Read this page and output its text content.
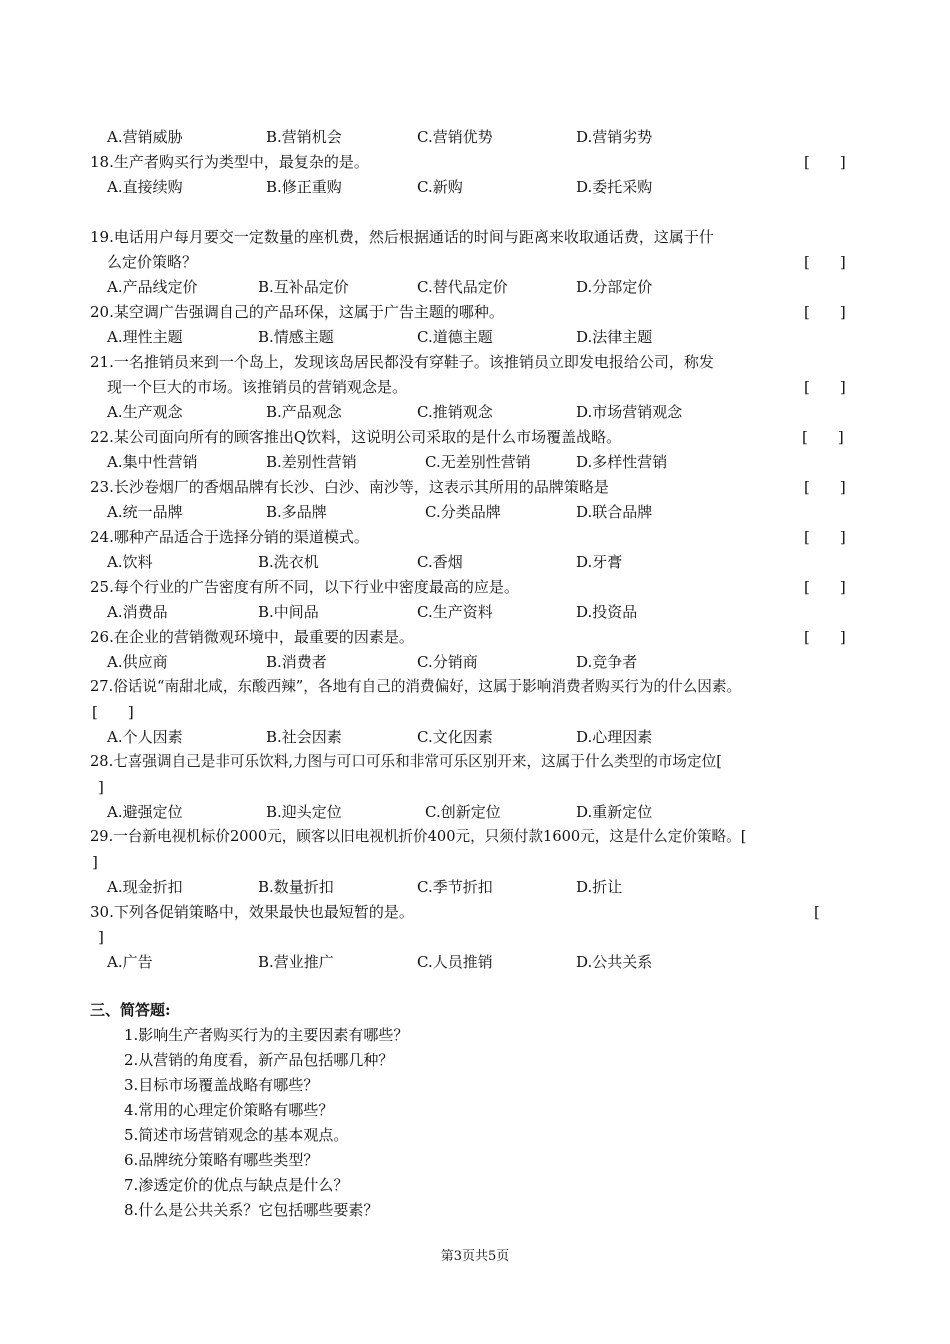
A.营销威胁	B.营销机会	C.营销优势	D.营销劣势
18.生产者购买行为类型中，最复杂的是。	[　　]
A.直接续购	B.修正重购	C.新购	D.委托采购
19.电话用户每月要交一定数量的座机费，然后根据通话的时间与距离来收取通话费，这属于什
么定价策略？	[　　]
A.产品线定价	B.互补品定价	C.替代品定价	D.分部定价
20.某空调广告强调自己的产品环保，这属于广告主题的哪种。	[　　]
A.理性主题	B.情感主题	C.道德主题	D.法律主题
21.一名推销员来到一个岛上，发现该岛居民都没有穿鞋子。该推销员立即发电报给公司，称发
现一个巨大的市场。该推销员的营销观念是。	[　　]
A.生产观念	B.产品观念	C.推销观念	D.市场营销观念
22.某公司面向所有的顾客推出Q饮料，这说明公司采取的是什么市场覆盖战略。	[　　]
A.集中性营销	B.差别性营销	C.无差别性营销	D.多样性营销
23.长沙卷烟厂的香烟品牌有长沙、白沙、南沙等，这表示其所用的品牌策略是	[　　]
A.统一品牌	B.多品牌	C.分类品牌	D.联合品牌
24.哪种产品适合于选择分销的渠道模式。	[　　]
A.饮料	B.洗衣机	C.香烟	D.牙膏
25.每个行业的广告密度有所不同，以下行业中密度最高的应是。	[　　]
A.消费品	B.中间品	C.生产资料	D.投资品
26.在企业的营销微观环境中，最重要的因素是。	[　　]
A.供应商	B.消费者	C.分销商	D.竞争者
27.俗话说“南甜北咸，东酸西辣”，各地有自己的消费偏好，这属于影响消费者购买行为的什么因素。
[　　]
A.个人因素	B.社会因素	C.文化因素	D.心理因素
28.七喜强调自己是非可乐饮料,力图与可口可乐和非常可乐区别开来，这属于什么类型的市场定位[
]
A.避强定位	B.迎头定位	C.创新定位	D.重新定位
29.一台新电视机标价2000元，顾客以旧电视机折价400元，只须付款1600元，这是什么定价策略。[
]
A.现金折扣	B.数量折扣	C.季节折扣	D.折让
30.下列各促销策略中，效果最快也最短暂的是。	[
]
A.广告	B.营业推广	C.人员推销	D.公共关系
三、简答题:
1.影响生产者购买行为的主要因素有哪些？
2.从营销的角度看，新产品包括哪几种？
3.目标市场覆盖战略有哪些？
4.常用的心理定价策略有哪些？
5.简述市场营销观念的基本观点。
6.品牌统分策略有哪些类型？
7.渗透定价的优点与缺点是什么？
8.什么是公共关系？它包括哪些要素？
第3页共5页
